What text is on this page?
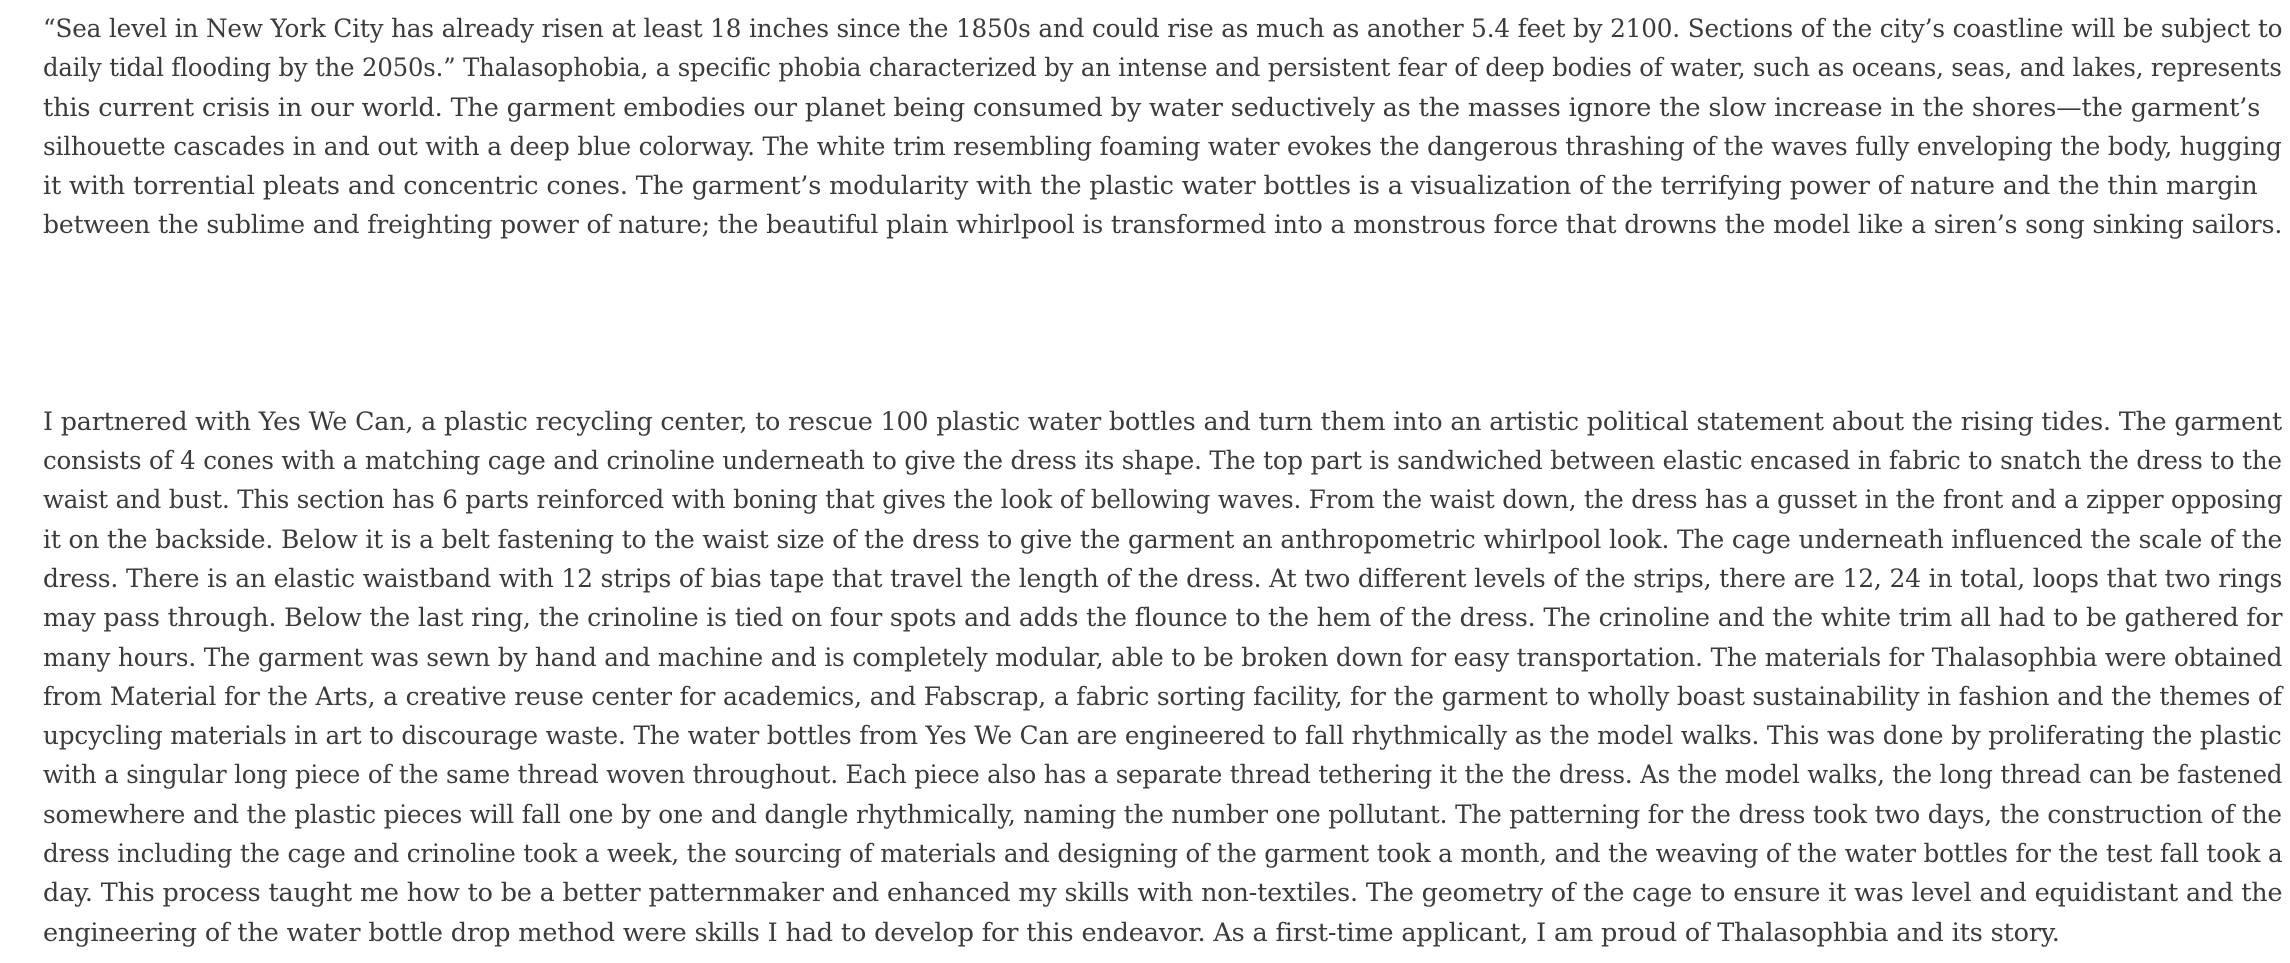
“Sea level in New York City has already risen at least 18 inches since the 1850s and could rise as much as another 5.4 feet by 2100. Sections of the city’s coastline will be subject to
daily tidal flooding by the 2050s.” Thalasophobia, a specific phobia characterized by an intense and persistent fear of deep bodies of water, such as oceans, seas, and lakes, represents
this current crisis in our world. The garment embodies our planet being consumed by water seductively as the masses ignore the slow increase in the shores—the garment’s
silhouette cascades in and out with a deep blue colorway. The white trim resembling foaming water evokes the dangerous thrashing of the waves fully enveloping the body, hugging
it with torrential pleats and concentric cones. The garment’s modularity with the plastic water bottles is a visualization of the terrifying power of nature and the thin margin
between the sublime and freighting power of nature; the beautiful plain whirlpool is transformed into a monstrous force that drowns the model like a siren’s song sinking sailors.

I partnered with Yes We Can, a plastic recycling center, to rescue 100 plastic water bottles and turn them into an artistic political statement about the rising tides. The garment
consists of 4 cones with a matching cage and crinoline underneath to give the dress its shape. The top part is sandwiched between elastic encased in fabric to snatch the dress to the
waist and bust. This section has 6 parts reinforced with boning that gives the look of bellowing waves. From the waist down, the dress has a gusset in the front and a zipper opposing
it on the backside. Below it is a belt fastening to the waist size of the dress to give the garment an anthropometric whirlpool look. The cage underneath influenced the scale of the
dress. There is an elastic waistband with 12 strips of bias tape that travel the length of the dress. At two different levels of the strips, there are 12, 24 in total, loops that two rings
may pass through. Below the last ring, the crinoline is tied on four spots and adds the flounce to the hem of the dress. The crinoline and the white trim all had to be gathered for
many hours. The garment was sewn by hand and machine and is completely modular, able to be broken down for easy transportation. The materials for Thalasophbia were obtained
from Material for the Arts, a creative reuse center for academics, and Fabscrap, a fabric sorting facility, for the garment to wholly boast sustainability in fashion and the themes of
upcycling materials in art to discourage waste. The water bottles from Yes We Can are engineered to fall rhythmically as the model walks. This was done by proliferating the plastic
with a singular long piece of the same thread woven throughout. Each piece also has a separate thread tethering it the the dress. As the model walks, the long thread can be fastened
somewhere and the plastic pieces will fall one by one and dangle rhythmically, naming the number one pollutant. The patterning for the dress took two days, the construction of the
dress including the cage and crinoline took a week, the sourcing of materials and designing of the garment took a month, and the weaving of the water bottles for the test fall took a
day. This process taught me how to be a better patternmaker and enhanced my skills with non-textiles. The geometry of the cage to ensure it was level and equidistant and the
engineering of the water bottle drop method were skills I had to develop for this endeavor. As a first-time applicant, I am proud of Thalasophbia and its story.
